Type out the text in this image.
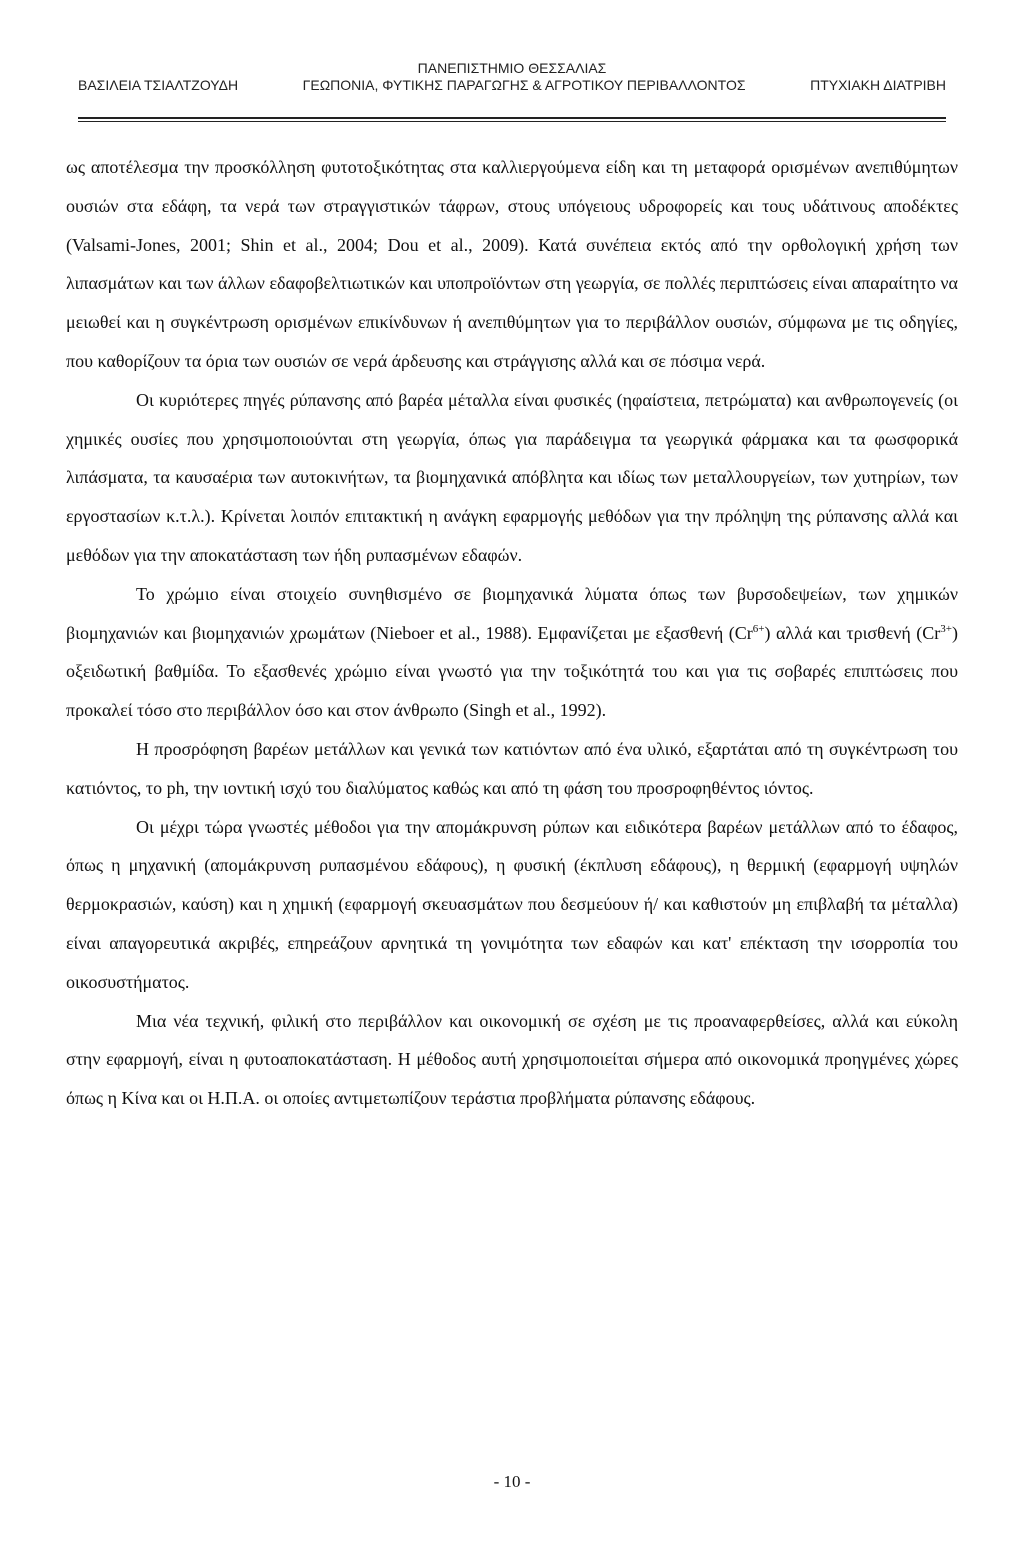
ΠΑΝΕΠΙΣΤΗΜΙΟ ΘΕΣΣΑΛΙΑΣ
ΒΑΣΙΛΕΙΑ ΤΣΙΑΛΤΖΟΥΔΗ	ΓΕΩΠΟΝΙΑ, ΦΥΤΙΚΗΣ ΠΑΡΑΓΩΓΗΣ & ΑΓΡΟΤΙΚΟΥ ΠΕΡΙΒΑΛΛΟΝΤΟΣ	ΠΤΥΧΙΑΚΗ ΔΙΑΤΡΙΒΗ

ως αποτέλεσμα την προσκόλληση φυτοτοξικότητας στα καλλιεργούμενα είδη και τη μεταφορά ορισμένων ανεπιθύμητων ουσιών στα εδάφη, τα νερά των στραγγιστικών τάφρων, στους υπόγειους υδροφορείς και τους υδάτινους αποδέκτες (Valsami-Jones, 2001; Shin et al., 2004; Dou et al., 2009). Κατά συνέπεια εκτός από την ορθολογική χρήση των λιπασμάτων και των άλλων εδαφοβελτιωτικών και υποπροϊόντων στη γεωργία, σε πολλές περιπτώσεις είναι απαραίτητο να μειωθεί και η συγκέντρωση ορισμένων επικίνδυνων ή ανεπιθύμητων για το περιβάλλον ουσιών, σύμφωνα με τις οδηγίες, που καθορίζουν τα όρια των ουσιών σε νερά άρδευσης και στράγγισης αλλά και σε πόσιμα νερά.

Οι κυριότερες πηγές ρύπανσης από βαρέα μέταλλα είναι φυσικές (ηφαίστεια, πετρώματα) και ανθρωπογενείς (οι χημικές ουσίες που χρησιμοποιούνται στη γεωργία, όπως για παράδειγμα τα γεωργικά φάρμακα και τα φωσφορικά λιπάσματα, τα καυσαέρια των αυτοκινήτων, τα βιομηχανικά απόβλητα και ιδίως των μεταλλουργείων, των χυτηρίων, των εργοστασίων κ.τ.λ.). Κρίνεται λοιπόν επιτακτική η ανάγκη εφαρμογής μεθόδων για την πρόληψη της ρύπανσης αλλά και μεθόδων για την αποκατάσταση των ήδη ρυπασμένων εδαφών.

Το χρώμιο είναι στοιχείο συνηθισμένο σε βιομηχανικά λύματα όπως των βυρσοδεψείων, των χημικών βιομηχανιών και βιομηχανιών χρωμάτων (Nieboer et al., 1988). Εμφανίζεται με εξασθενή $(Cr^{6+})$ αλλά και τρισθενή $(Cr^{3+})$ οξειδωτική βαθμίδα. Το εξασθενές χρώμιο είναι γνωστό για την τοξικότητά του και για τις σοβαρές επιπτώσεις που προκαλεί τόσο στο περιβάλλον όσο και στον άνθρωπο (Singh et al., 1992).

Η προσρόφηση βαρέων μετάλλων και γενικά των κατιόντων από ένα υλικό, εξαρτάται από τη συγκέντρωση του κατιόντος, το ph, την ιοντική ισχύ του διαλύματος καθώς και από τη φάση του προσροφηθέντος ιόντος.

Οι μέχρι τώρα γνωστές μέθοδοι για την απομάκρυνση ρύπων και ειδικότερα βαρέων μετάλλων από το έδαφος, όπως η μηχανική (απομάκρυνση ρυπασμένου εδάφους), η φυσική (έκπλυση εδάφους), η θερμική (εφαρμογή υψηλών θερμοκρασιών, καύση) και η χημική (εφαρμογή σκευασμάτων που δεσμεύουν ή/ και καθιστούν μη επιβλαβή τα μέταλλα) είναι απαγορευτικά ακριβές, επηρεάζουν αρνητικά τη γονιμότητα των εδαφών και κατ' επέκταση την ισορροπία του οικοσυστήματος.

Μια νέα τεχνική, φιλική στο περιβάλλον και οικονομική σε σχέση με τις προαναφερθείσες, αλλά και εύκολη στην εφαρμογή, είναι η φυτοαποκατάσταση. Η μέθοδος αυτή χρησιμοποιείται σήμερα από οικονομικά προηγμένες χώρες όπως η Κίνα και οι Η.Π.Α. οι οποίες αντιμετωπίζουν τεράστια προβλήματα ρύπανσης εδάφους.

- 10 -
